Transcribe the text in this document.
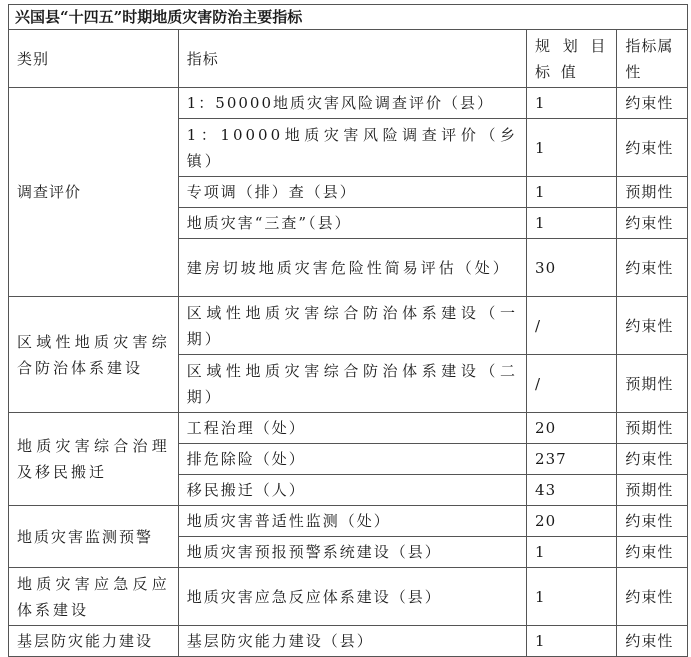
兴国县“十四五”时期地质灾害防治主要指标			
类别	指标	规 划 目 标 值	指标属性
调查评价	1：50000地质灾害风险调查评价（县）	1	约束性
	1：10000地质灾害风险调查评价（乡镇）	1	约束性
	专项调（排）查（县）	1	预期性
	地质灾害“三查”（县）	1	约束性
	建房切坡地质灾害危险性简易评估（处）	30	约束性
区域性地质灾害综合防治体系建设	区域性地质灾害综合防治体系建设（一期）	/	约束性
	区域性地质灾害综合防治体系建设（二期）	/	预期性
地质灾害综合治理及移民搬迁	工程治理（处）	20	预期性
	排危除险（处）	237	约束性
	移民搬迁（人）	43	预期性
地质灾害监测预警	地质灾害普适性监测（处）	20	约束性
	地质灾害预报预警系统建设（县）	1	约束性
地质灾害应急反应体系建设	地质灾害应急反应体系建设（县）	1	约束性
基层防灾能力建设	基层防灾能力建设（县）	1	约束性
